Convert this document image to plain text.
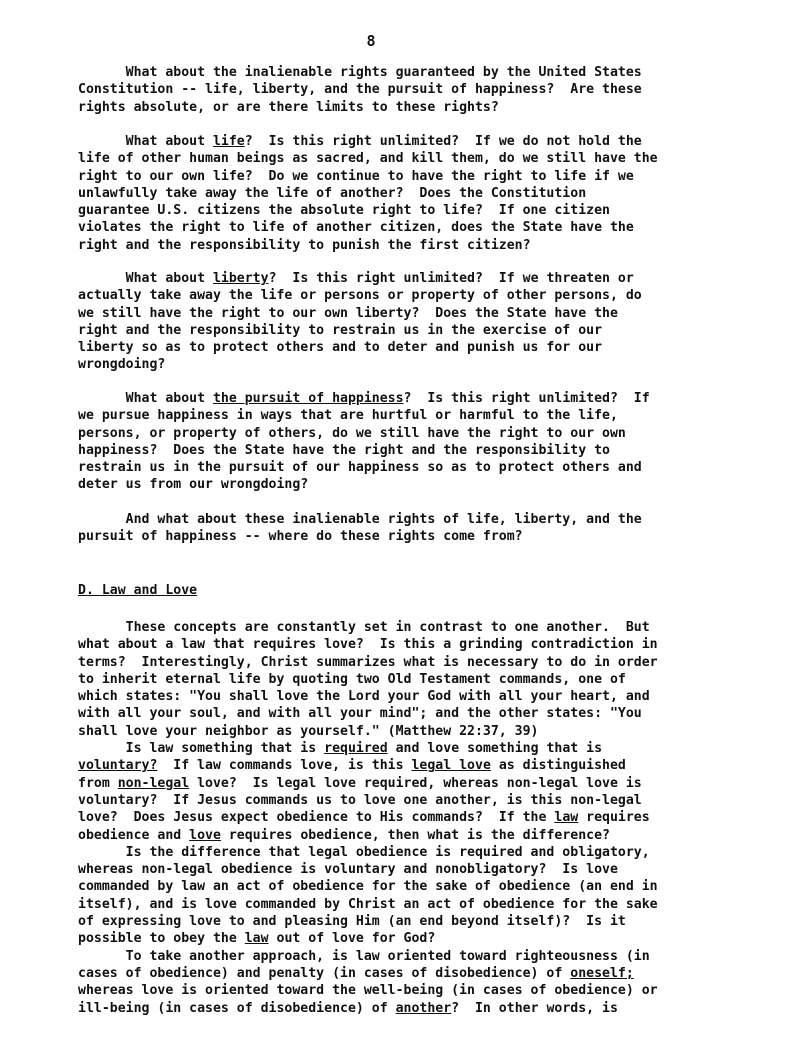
8
What about the inalienable rights guaranteed by the United States
Constitution -- life, liberty, and the pursuit of happiness?  Are these
rights absolute, or are there limits to these rights?
What about life?  Is this right unlimited?  If we do not hold the
life of other human beings as sacred, and kill them, do we still have the
right to our own life?  Do we continue to have the right to life if we
unlawfully take away the life of another?  Does the Constitution
guarantee U.S. citizens the absolute right to life?  If one citizen
violates the right to life of another citizen, does the State have the
right and the responsibility to punish the first citizen?
What about liberty?  Is this right unlimited?  If we threaten or
actually take away the life or persons or property of other persons, do
we still have the right to our own liberty?  Does the State have the
right and the responsibility to restrain us in the exercise of our
liberty so as to protect others and to deter and punish us for our
wrongdoing?
What about the pursuit of happiness?  Is this right unlimited?  If
we pursue happiness in ways that are hurtful or harmful to the life,
persons, or property of others, do we still have the right to our own
happiness?  Does the State have the right and the responsibility to
restrain us in the pursuit of our happiness so as to protect others and
deter us from our wrongdoing?
And what about these inalienable rights of life, liberty, and the
pursuit of happiness -- where do these rights come from?
D. Law and Love
These concepts are constantly set in contrast to one another.  But
what about a law that requires love?  Is this a grinding contradiction in
terms?  Interestingly, Christ summarizes what is necessary to do in order
to inherit eternal life by quoting two Old Testament commands, one of
which states: "You shall love the Lord your God with all your heart, and
with all your soul, and with all your mind"; and the other states: "You
shall love your neighbor as yourself." (Matthew 22:37, 39)
Is law something that is required and love something that is
voluntary?  If law commands love, is this legal love as distinguished
from non-legal love?  Is legal love required, whereas non-legal love is
voluntary?  If Jesus commands us to love one another, is this non-legal
love?  Does Jesus expect obedience to His commands?  If the law requires
obedience and love requires obedience, then what is the difference?
Is the difference that legal obedience is required and obligatory,
whereas non-legal obedience is voluntary and nonobligatory?  Is love
commanded by law an act of obedience for the sake of obedience (an end in
itself), and is love commanded by Christ an act of obedience for the sake
of expressing love to and pleasing Him (an end beyond itself)?  Is it
possible to obey the law out of love for God?
To take another approach, is law oriented toward righteousness (in
cases of obedience) and penalty (in cases of disobedience) of oneself;
whereas love is oriented toward the well-being (in cases of obedience) or
ill-being (in cases of disobedience) of another?  In other words, is
